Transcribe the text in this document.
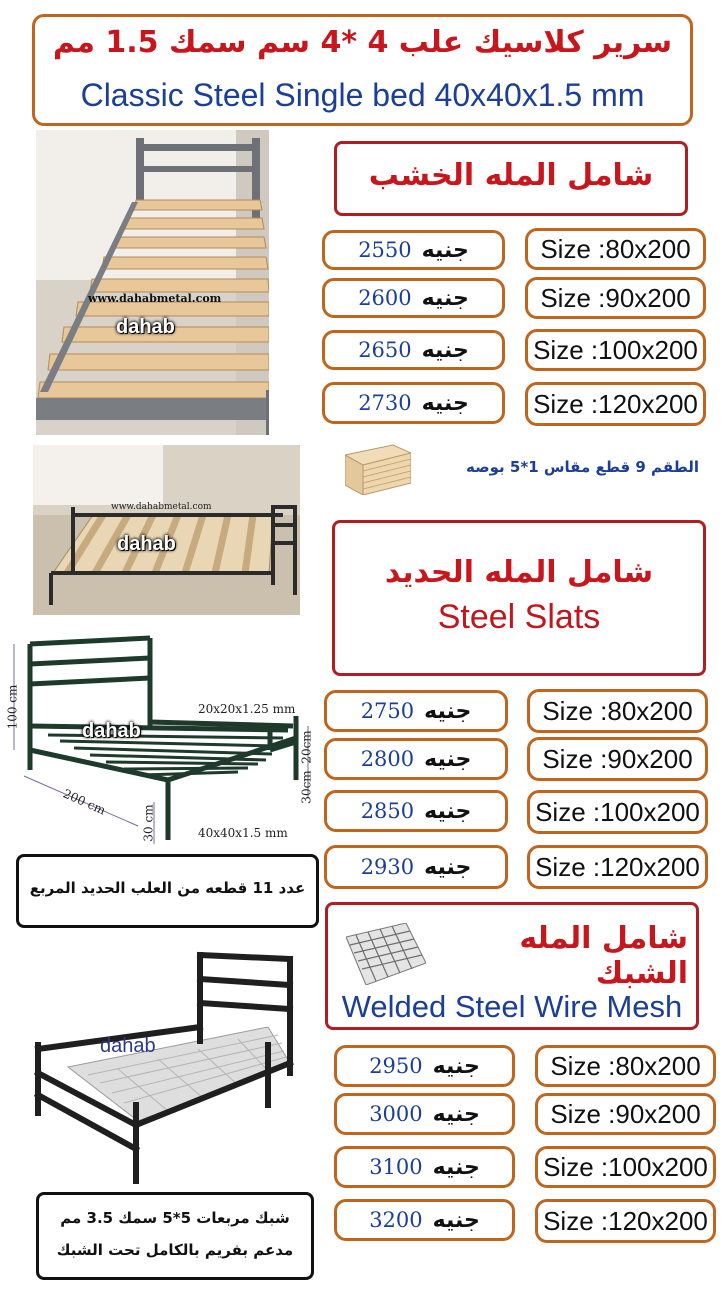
سرير كلاسيك علب 4 *4 سم سمك 1.5 مم
Classic Steel Single bed 40x40x1.5 mm
www.dahabmetal.com
dahab
www.dahabmetal.com
dahab
100 cm
200 cm	30cm
20cm
30 cm
20x20x1.25 mm
40x40x1.5 mm
dahab
dahab
شامل المله الخشب
2550 جنيه	Size :80x200
2600 جنيه	Size :90x200
2650 جنيه Size :100x200
2730 جنيه Size :120x200
الطقم 9 قطع مقاس 1*5 بوصه
شامل المله الحديد
Steel Slats
2750 جنيه	Size :80x200
2800 جنيه	Size :90x200
2850 جنيه Size :100x200
2930 جنيه Size :120x200
عدد 11 قطعه من العلب الحديد المربع
شامل المله الشبك
Welded Steel Wire Mesh
2950 جنيه	Size :80x200
3000 جنيه	Size :90x200
3100 جنيه Size :100x200
3200 جنيه Size :120x200
شبك مربعات 5*5 سمك 3.5 مم
مدعم بفريم بالكامل تحت الشبك
